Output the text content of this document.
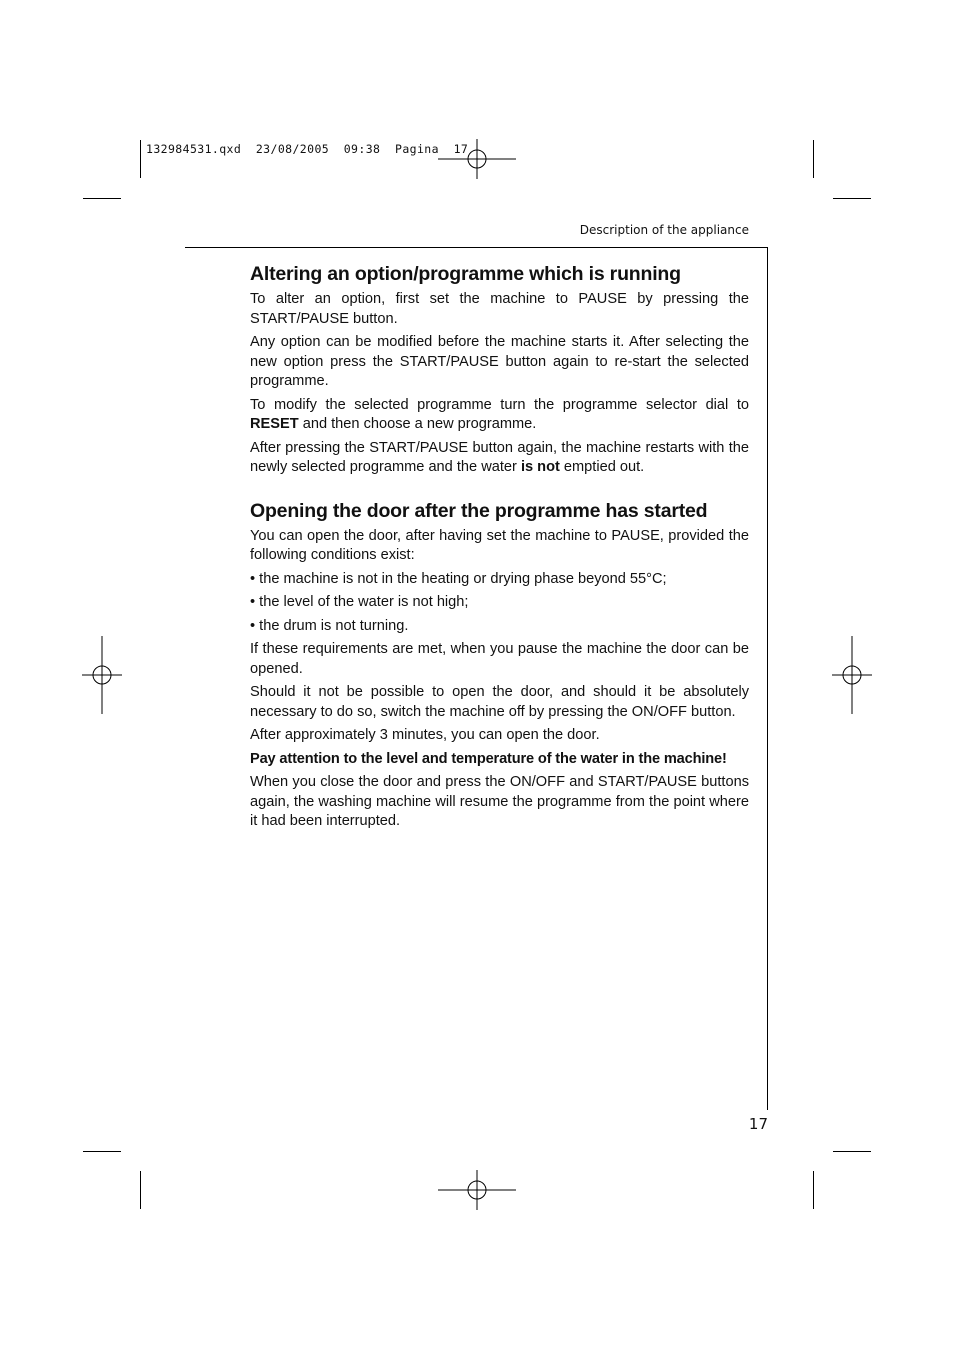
132984531.qxd  23/08/2005  09:38  Pagina  17
Description of the appliance
Altering an option/programme which is running

To alter an option, first set the machine to PAUSE by pressing the START/PAUSE button.

Any option can be modified before the machine starts it. After selecting the new option press the START/PAUSE button again to re-start the selected programme.

To modify the selected programme turn the programme selector dial to RESET and then choose a new programme.

After pressing the START/PAUSE button again, the machine restarts with the newly selected programme and the water is not emptied out.

Opening the door after the programme has started

You can open the door, after having set the machine to PAUSE, provided the following conditions exist:

• the machine is not in the heating or drying phase beyond 55°C;

• the level of the water is not high;

• the drum is not turning.

If these requirements are met, when you pause the machine the door can be opened.

Should it not be possible to open the door, and should it be absolutely necessary to do so, switch the machine off by pressing the ON/OFF button.

After approximately 3 minutes, you can open the door.

Pay attention to the level and temperature of the water in the machine!

When you close the door and press the ON/OFF and START/PAUSE buttons again, the washing machine will resume the programme from the point where it had been interrupted.

17
